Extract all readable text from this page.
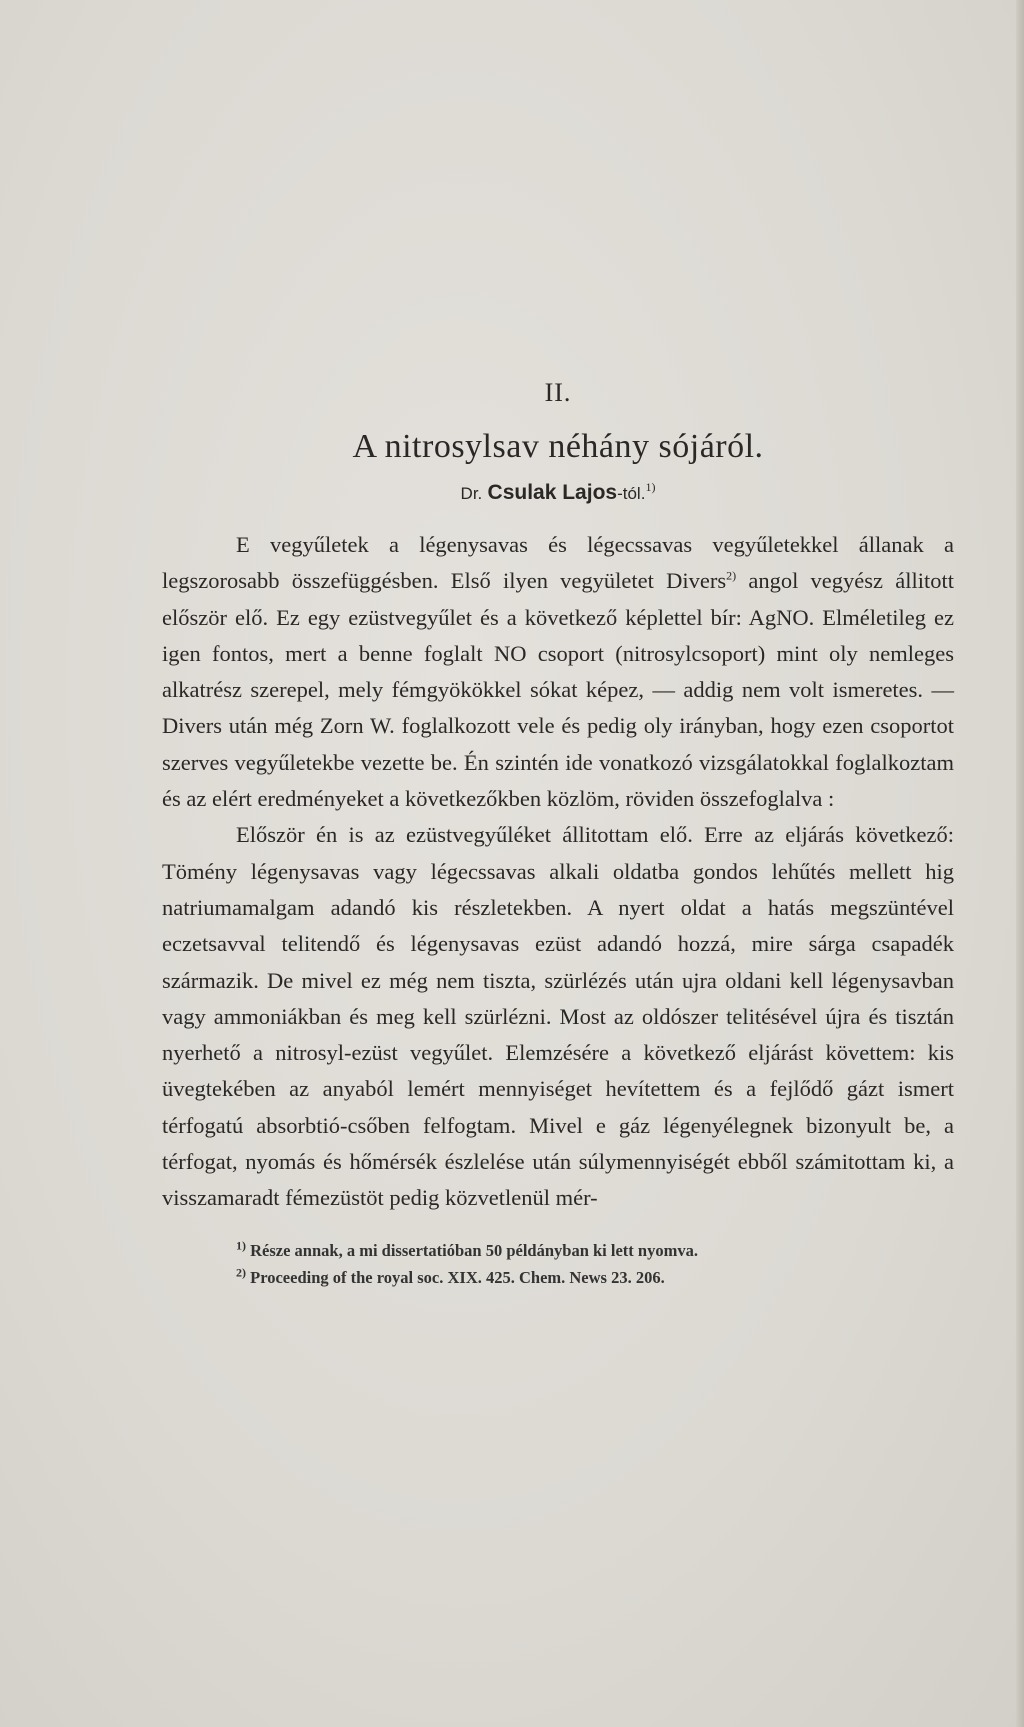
II.
A nitrosylsav néhány sójáról.
Dr. Csulak Lajos-tól.$^{1)}$

E vegyűletek a légenysavas és légecssavas vegyűletekkel állanak a legszorosabb összefüggésben. Első ilyen vegyületet Divers$^{2)}$ angol vegyész állitott először elő. Ez egy ezüstvegyűlet és a következő képlettel bír: AgNO. Elméletileg ez igen fontos, mert a benne foglalt NO csoport (nitrosylcsoport) mint oly nemleges alkatrész szerepel, mely fémgyökökkel sókat képez, — addig nem volt ismeretes. — Divers után még Zorn W. foglalkozott vele és pedig oly irányban, hogy ezen csoportot szerves vegyűletekbe vezette be. Én szintén ide vonatkozó vizsgálatokkal foglalkoztam és az elért eredményeket a következőkben közlöm, röviden összefoglalva :

Először én is az ezüstvegyűléket állitottam elő. Erre az eljárás következő: Tömény légenysavas vagy légecssavas alkali oldatba gondos lehűtés mellett hig natriumamalgam adandó kis részletekben. A nyert oldat a hatás megszüntével eczetsavval telitendő és légenysavas ezüst adandó hozzá, mire sárga csapadék származik. De mivel ez még nem tiszta, szürlézés után ujra oldani kell légenysavban vagy ammoniákban és meg kell szürlézni. Most az oldószer telitésével újra és tisztán nyerhető a nitrosyl-ezüst vegyűlet. Elemzésére a következő eljárást követtem: kis üvegtekében az anyaból lemért mennyiséget hevítettem és a fejlődő gázt ismert térfogatú absorbtió-csőben felfogtam. Mivel e gáz légenyélegnek bizonyult be, a térfogat, nyomás és hőmérsék észlelése után súlymennyiségét ebből számitottam ki, a visszamaradt fémezüstöt pedig közvetlenül mér-

$^{1)}$ Része annak, a mi dissertatióban 50 példányban ki lett nyomva.

$^{2)}$ Proceeding of the royal soc. XIX. 425. Chem. News 23. 206.
